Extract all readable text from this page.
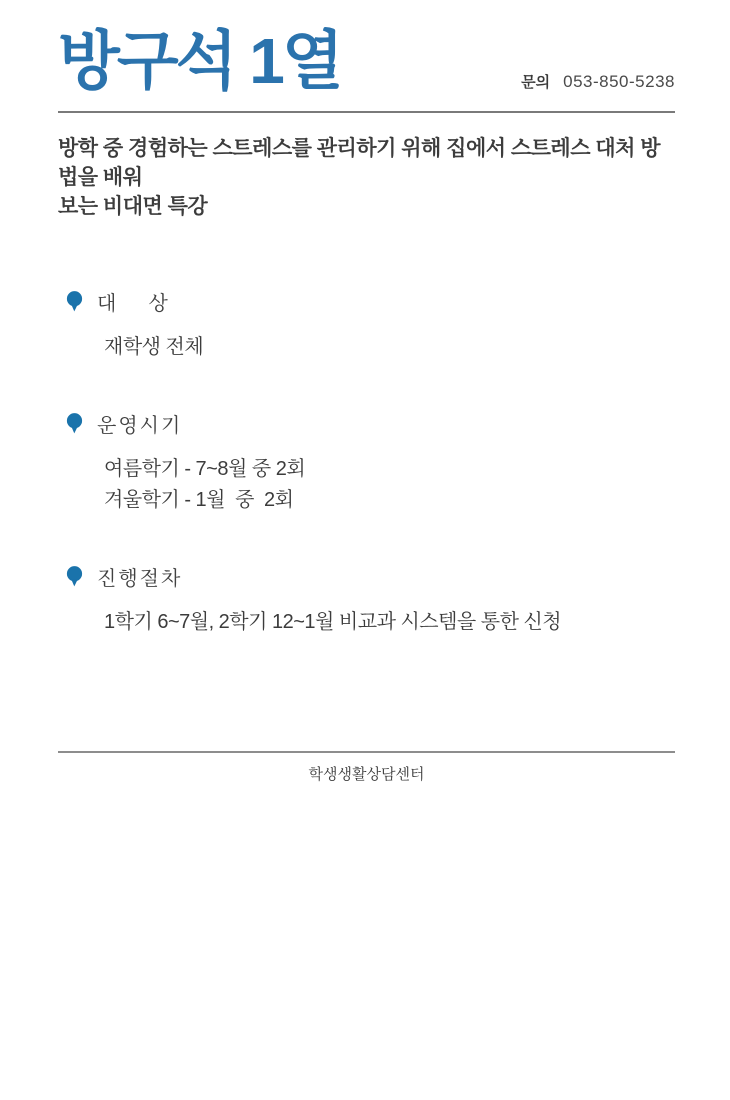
방구석 1열	문의 053-850-5238
방학 중 경험하는 스트레스를 관리하기 위해 집에서 스트레스 대처 방법을 배워
보는 비대면 특강
대    상
재학생 전체
운영시기
여름학기 - 7~8월 중 2회
겨울학기 - 1월  중  2회
진행절차
1학기 6~7월, 2학기 12~1월 비교과 시스템을 통한 신청
학생생활상담센터
